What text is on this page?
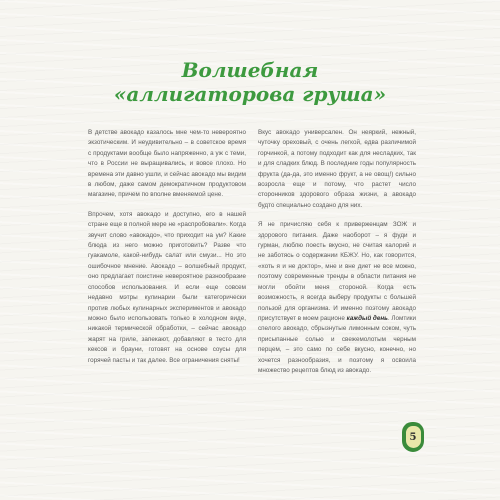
Волшебная
«аллигаторова груша»

В детстве авокадо казалось мне чем-то невероятно экзотическим. И неудивительно – в советское время с продуктами вообще было напряженно, а уж с теми, что в России не выращивались, и вовсе плохо. Но времена эти давно ушли, и сейчас авокадо мы видим в любом, даже самом демократичном продуктовом магазине, причем по вполне вменяемой цене.

Впрочем, хотя авокадо и доступно, его в нашей стране еще в полной мере не «распробовали». Когда звучит слово «авокадо», что приходит на ум? Какие блюда из него можно приготовить? Разве что гуакамоле, какой-нибудь салат или смузи... Но это ошибочное мнение. Авокадо – волшебный продукт, оно предлагает поистине невероятное разнообразие способов использования. И если еще совсем недавно мэтры кулинарии были категорически против любых кулинарных экспериментов и авокадо можно было использовать только в холодном виде, никакой термической обработки, – сейчас авокадо жарят на гриле, запекают, добавляют в тесто для кексов и брауни, готовят на основе соусы для горячей пасты и так далее. Все ограничения сняты!

Вкус авокадо универсален. Он неяркий, нежный, чуточку ореховый, с очень легкой, едва различимой горчинкой, а потому подходит как для несладких, так и для сладких блюд. В последние годы популярность фрукта (да-да, это именно фрукт, а не овощ!) сильно возросла еще и потому, что растет число сторонников здорового образа жизни, а авокадо будто специально создано для них.

Я не причисляю себя к приверженцам ЗОЖ и здорового питания. Даже наоборот – я фуди и гурман, люблю поесть вкусно, не считая калорий и не заботясь о содержании КБЖУ. Но, как говорится, «хоть я и не доктор», мне и вне диет не все можно, поэтому современные тренды в области питания не могли обойти меня стороной. Когда есть возможность, я всегда выберу продукты с большей пользой для организма. И именно поэтому авокадо присутствует в моем рационе каждый день. Ломтики спелого авокадо, сбрызнутые лимонным соком, чуть присыпанные солью и свежемолотым черным перцем, – это само по себе вкусно, конечно, но хочется разнообразия, и поэтому я освоила множество рецептов блюд из авокадо.

5
